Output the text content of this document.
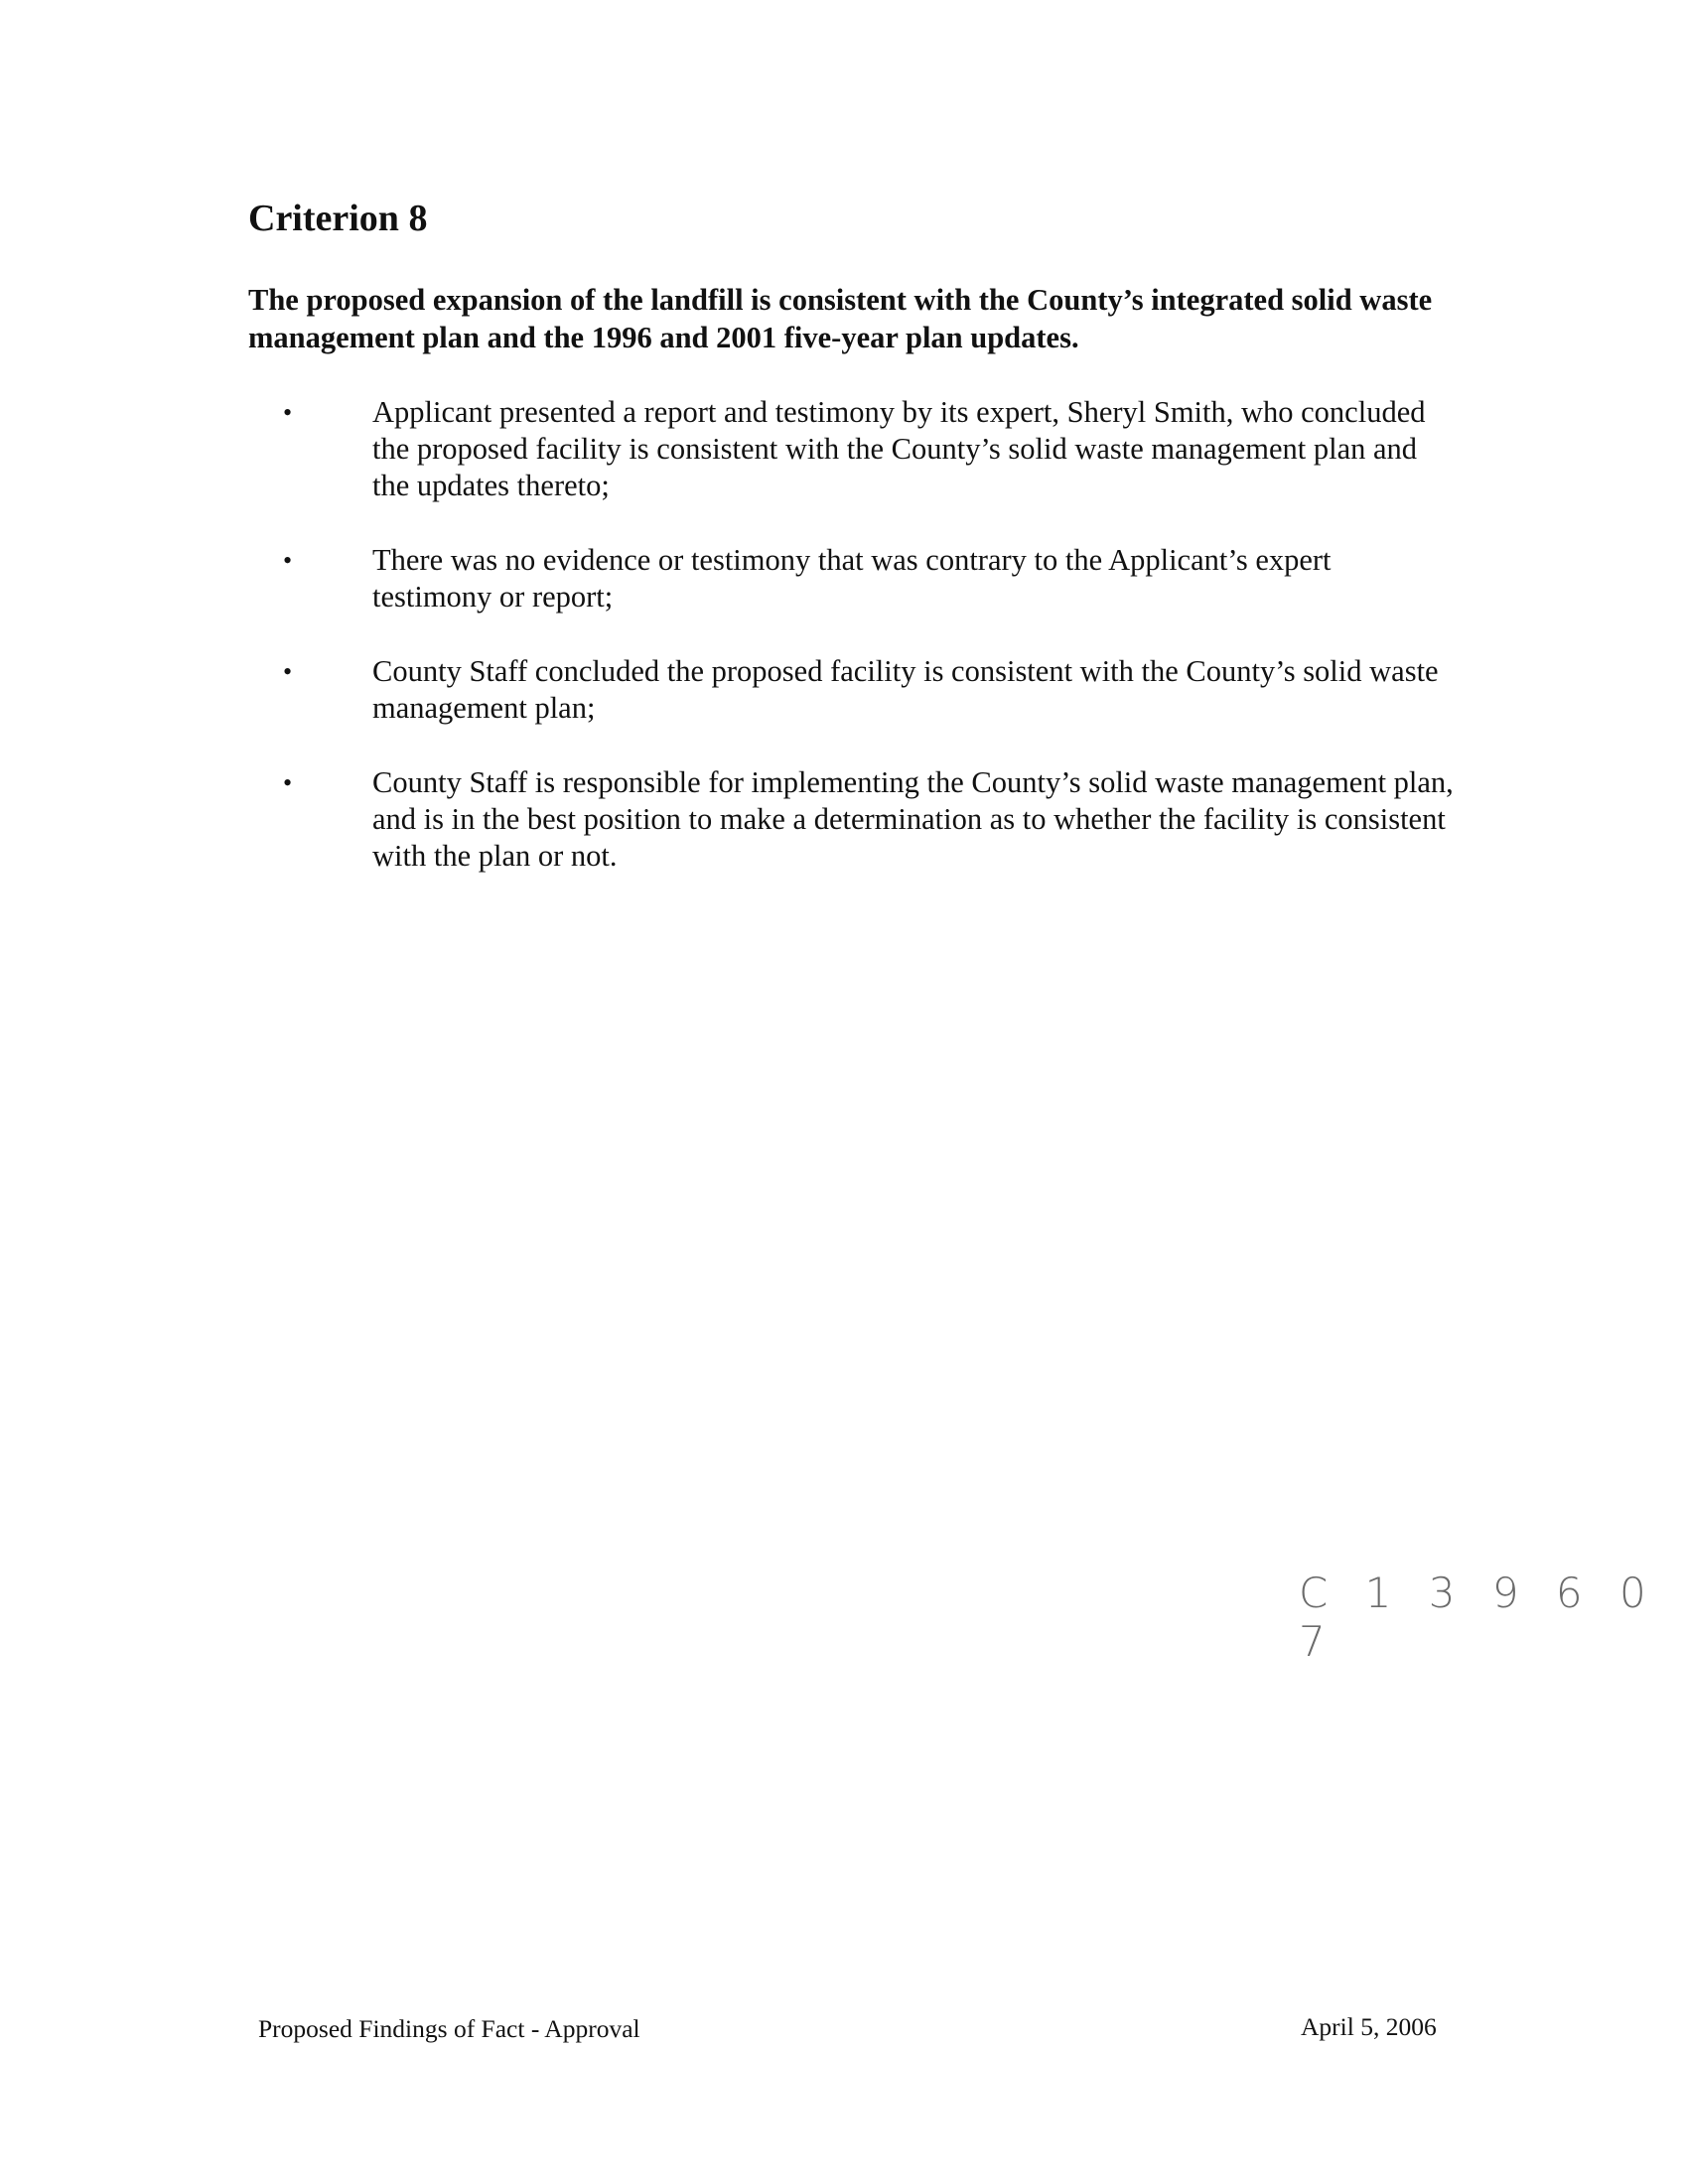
Criterion 8

The proposed expansion of the landfill is consistent with the County’s integrated solid waste management plan and the 1996 and 2001 five-year plan updates.

•	Applicant presented a report and testimony by its expert, Sheryl Smith, who concluded the proposed facility is consistent with the County’s solid waste management plan and the updates thereto;
•	There was no evidence or testimony that was contrary to the Applicant’s expert testimony or report;
•	County Staff concluded the proposed facility is consistent with the County’s solid waste management plan;
•	County Staff is responsible for implementing the County’s solid waste management plan, and is in the best position to make a determination as to whether the facility is consistent with the plan or not.
C 1 3 9 6 0 7
Proposed Findings of Fact - Approval	April 5, 2006
